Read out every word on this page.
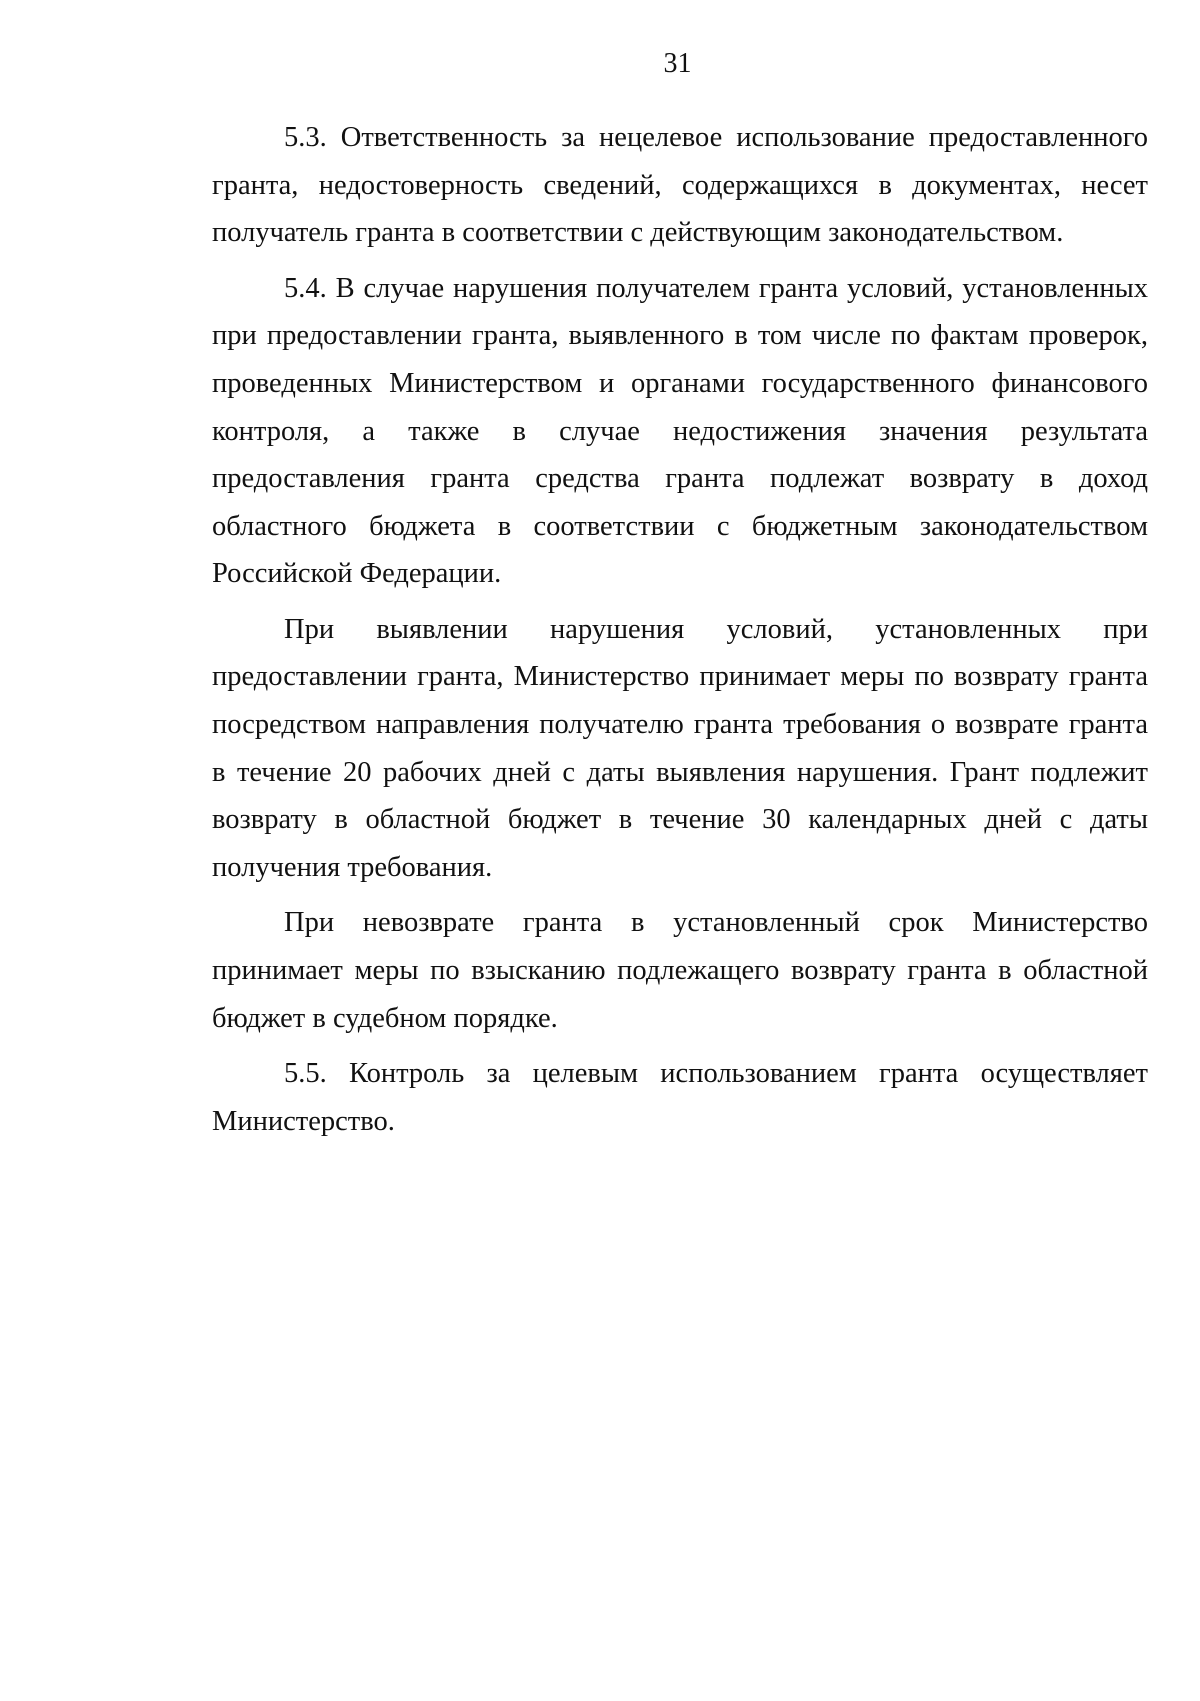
31

5.3. Ответственность за нецелевое использование предоставленного гранта, недостоверность сведений, содержащихся в документах, несет получатель гранта в соответствии с действующим законодательством.

5.4. В случае нарушения получателем гранта условий, установленных при предоставлении гранта, выявленного в том числе по фактам проверок, проведенных Министерством и органами государственного финансового контроля, а также в случае недостижения значения результата предоставления гранта средства гранта подлежат возврату в доход областного бюджета в соответствии с бюджетным законодательством Российской Федерации.

При выявлении нарушения условий, установленных при предоставлении гранта, Министерство принимает меры по возврату гранта посредством направления получателю гранта требования о возврате гранта в течение 20 рабочих дней с даты выявления нарушения. Грант подлежит возврату в областной бюджет в течение 30 календарных дней с даты получения требования.

При невозврате гранта в установленный срок Министерство принимает меры по взысканию подлежащего возврату гранта в областной бюджет в судебном порядке.

5.5. Контроль за целевым использованием гранта осуществляет Министерство.
